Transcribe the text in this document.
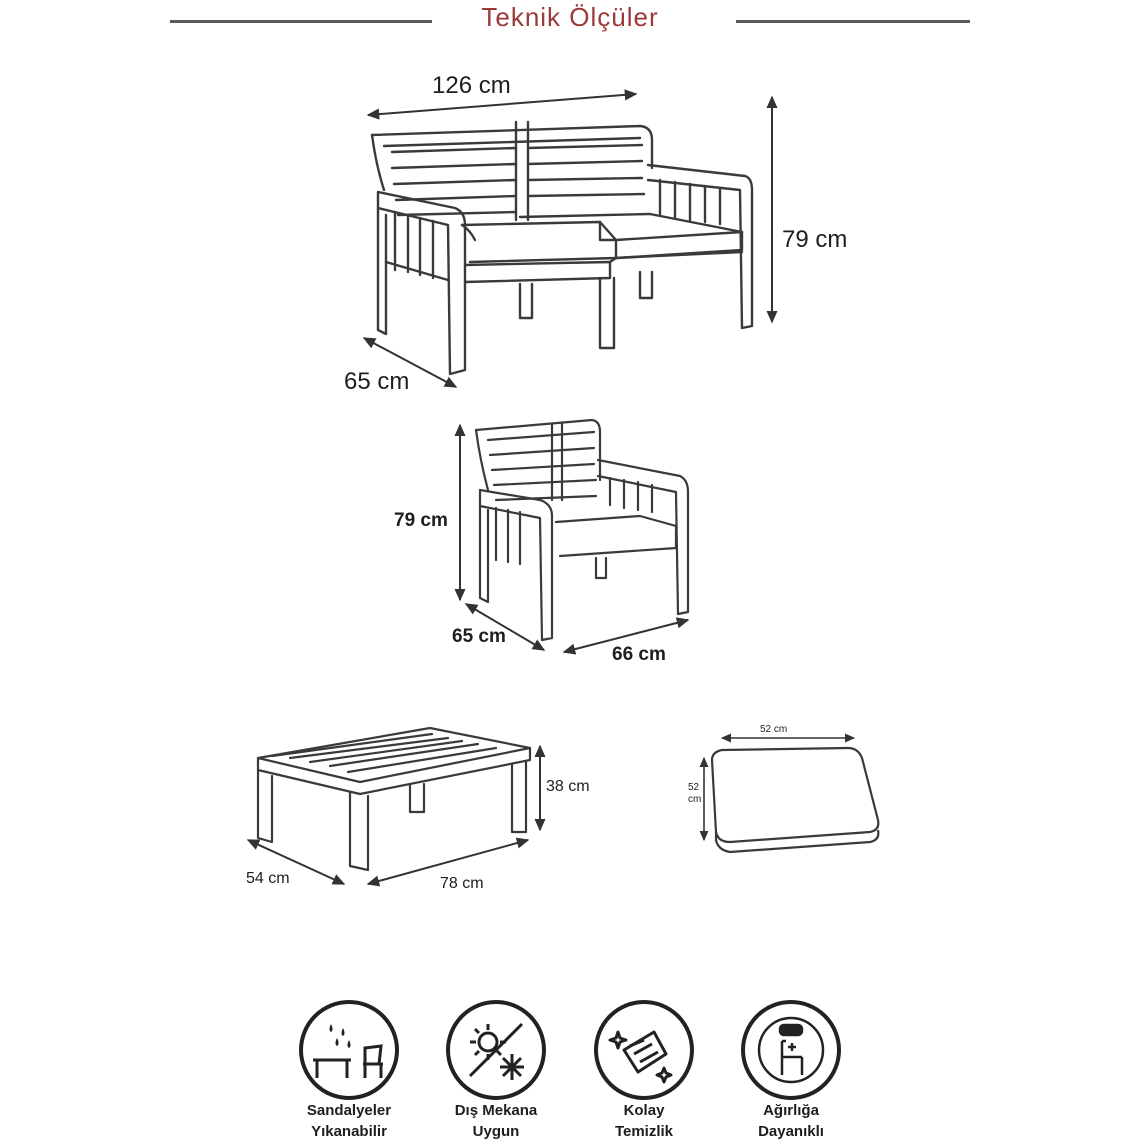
Teknik Ölçüler
126 cm
79 cm
65 cm
79 cm
65 cm
66 cm
38 cm
54 cm	78 cm
52 cm
52
cm
Sandalyeler
Yıkanabilir
Dış Mekana
Uygun
Kolay
Temizlik
Ağırlığa
Dayanıklı
